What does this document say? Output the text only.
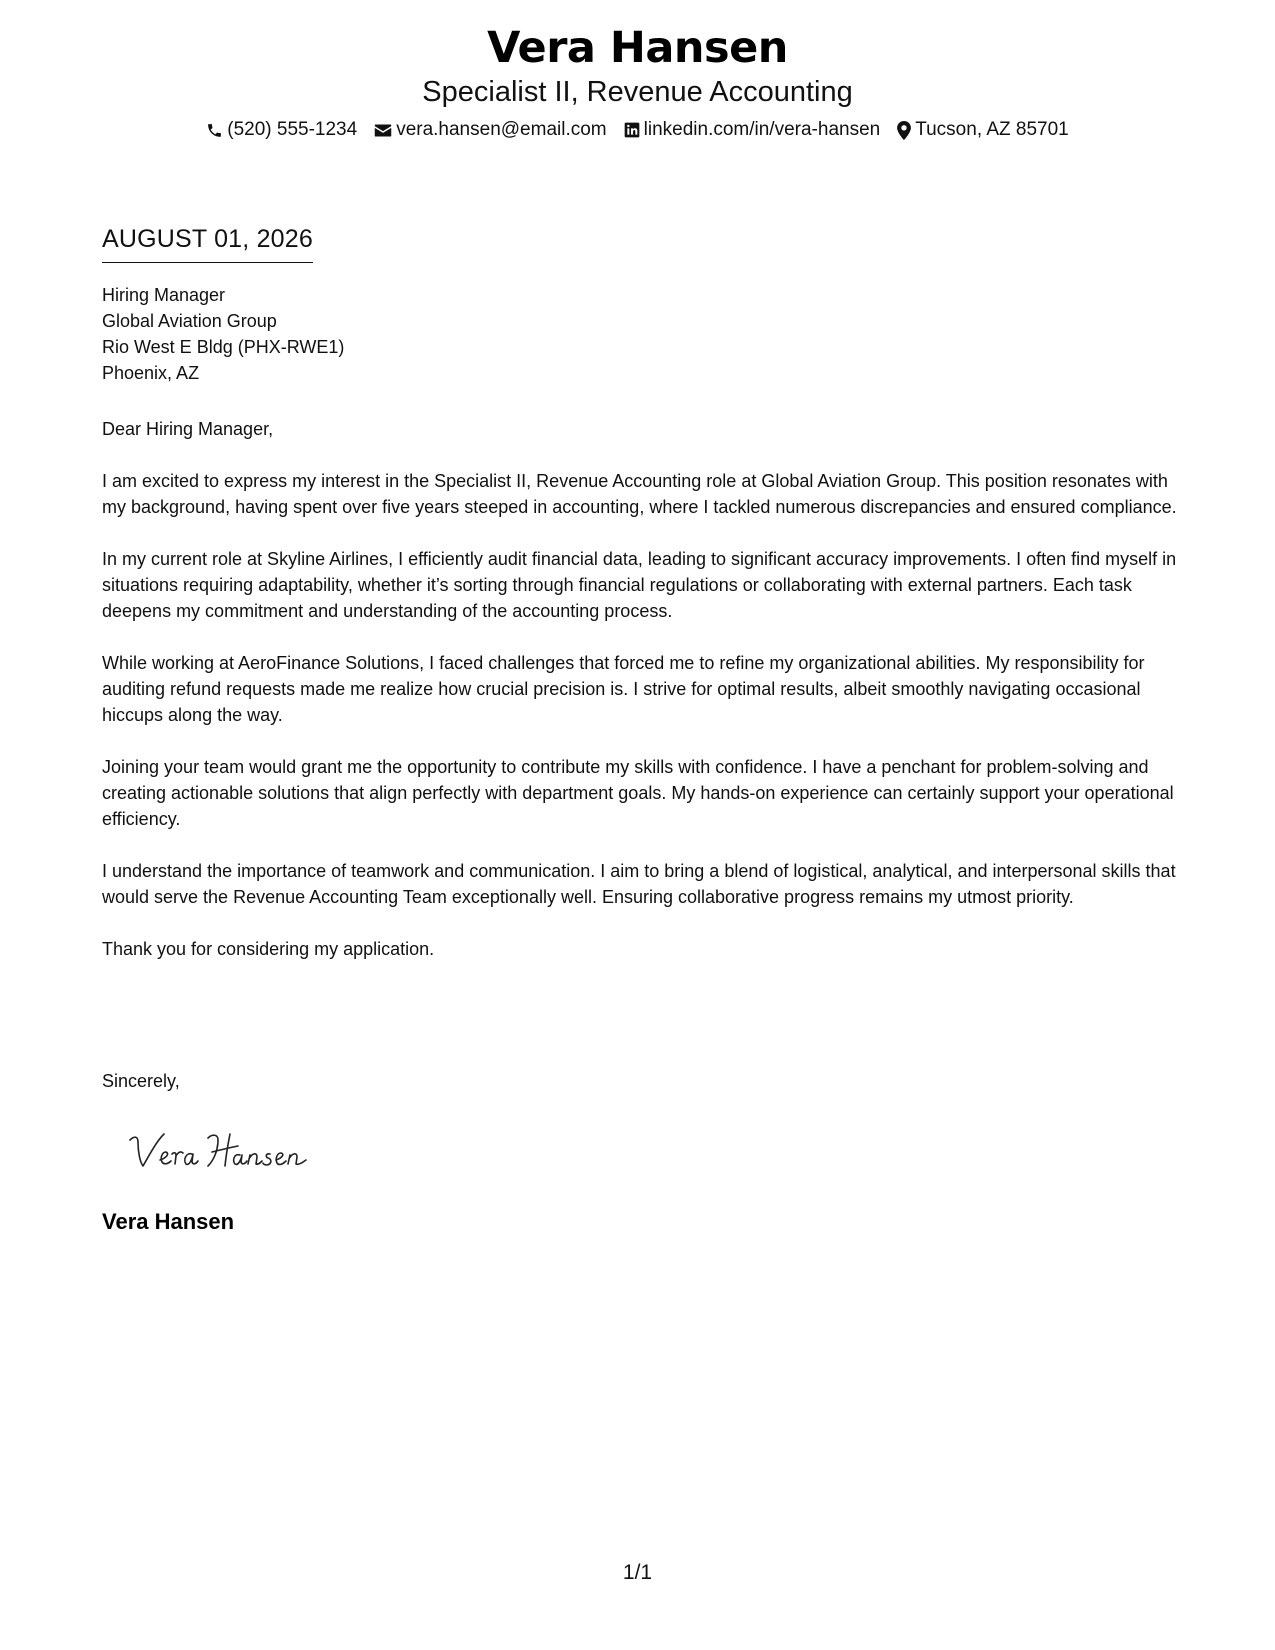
Vera Hansen
Specialist II, Revenue Accounting
(520) 555-1234 vera.hansen@email.com linkedin.com/in/vera-hansen Tucson, AZ 85701
AUGUST 01, 2026
Hiring Manager
Global Aviation Group
Rio West E Bldg (PHX-RWE1)
Phoenix, AZ

Dear Hiring Manager,

I am excited to express my interest in the Specialist II, Revenue Accounting role at Global Aviation Group. This position resonates with my background, having spent over five years steeped in accounting, where I tackled numerous discrepancies and ensured compliance.

In my current role at Skyline Airlines, I efficiently audit financial data, leading to significant accuracy improvements. I often find myself in situations requiring adaptability, whether it’s sorting through financial regulations or collaborating with external partners. Each task deepens my commitment and understanding of the accounting process.

While working at AeroFinance Solutions, I faced challenges that forced me to refine my organizational abilities. My responsibility for auditing refund requests made me realize how crucial precision is. I strive for optimal results, albeit smoothly navigating occasional hiccups along the way.

Joining your team would grant me the opportunity to contribute my skills with confidence. I have a penchant for problem-solving and creating actionable solutions that align perfectly with department goals. My hands-on experience can certainly support your operational efficiency.

I understand the importance of teamwork and communication. I aim to bring a blend of logistical, analytical, and interpersonal skills that would serve the Revenue Accounting Team exceptionally well. Ensuring collaborative progress remains my utmost priority.

Thank you for considering my application.

Sincerely,
Vera Hansen
1/1
